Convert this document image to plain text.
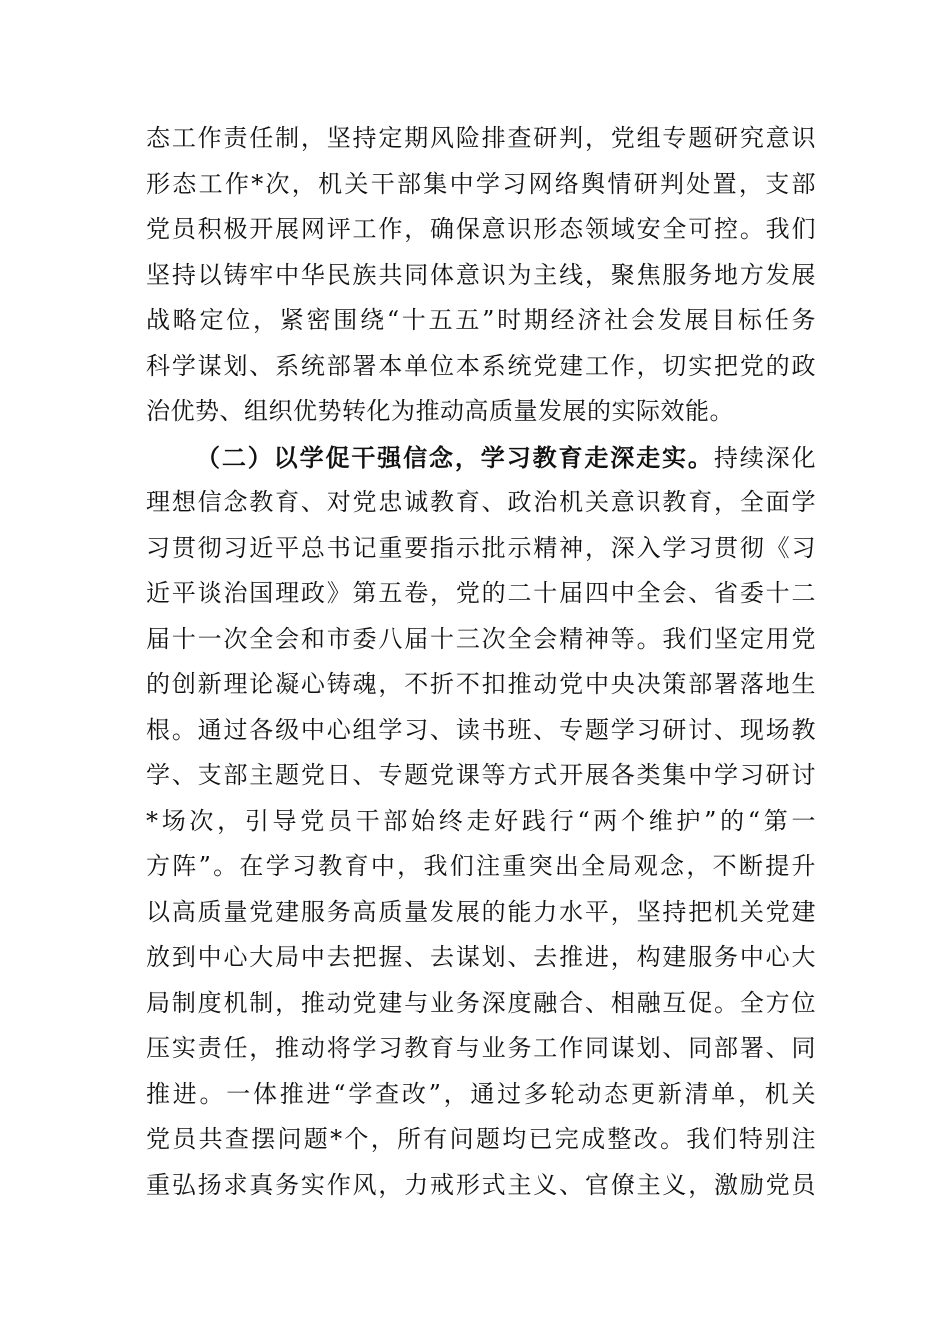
态工作责任制，坚持定期风险排查研判，党组专题研究意识
形态工作*次，机关干部集中学习网络舆情研判处置，支部
党员积极开展网评工作，确保意识形态领域安全可控。我们
坚持以铸牢中华民族共同体意识为主线，聚焦服务地方发展
战略定位，紧密围绕“十五五”时期经济社会发展目标任务
科学谋划、系统部署本单位本系统党建工作，切实把党的政
治优势、组织优势转化为推动高质量发展的实际效能。
（二）以学促干强信念，学习教育走深走实。持续深化
理想信念教育、对党忠诚教育、政治机关意识教育，全面学
习贯彻习近平总书记重要指示批示精神，深入学习贯彻《习
近平谈治国理政》第五卷，党的二十届四中全会、省委十二
届十一次全会和市委八届十三次全会精神等。我们坚定用党
的创新理论凝心铸魂，不折不扣推动党中央决策部署落地生
根。通过各级中心组学习、读书班、专题学习研讨、现场教
学、支部主题党日、专题党课等方式开展各类集中学习研讨
*场次，引导党员干部始终走好践行“两个维护”的“第一
方阵”。在学习教育中，我们注重突出全局观念，不断提升
以高质量党建服务高质量发展的能力水平，坚持把机关党建
放到中心大局中去把握、去谋划、去推进，构建服务中心大
局制度机制，推动党建与业务深度融合、相融互促。全方位
压实责任，推动将学习教育与业务工作同谋划、同部署、同
推进。一体推进“学查改”，通过多轮动态更新清单，机关
党员共查摆问题*个，所有问题均已完成整改。我们特别注
重弘扬求真务实作风，力戒形式主义、官僚主义，激励党员
